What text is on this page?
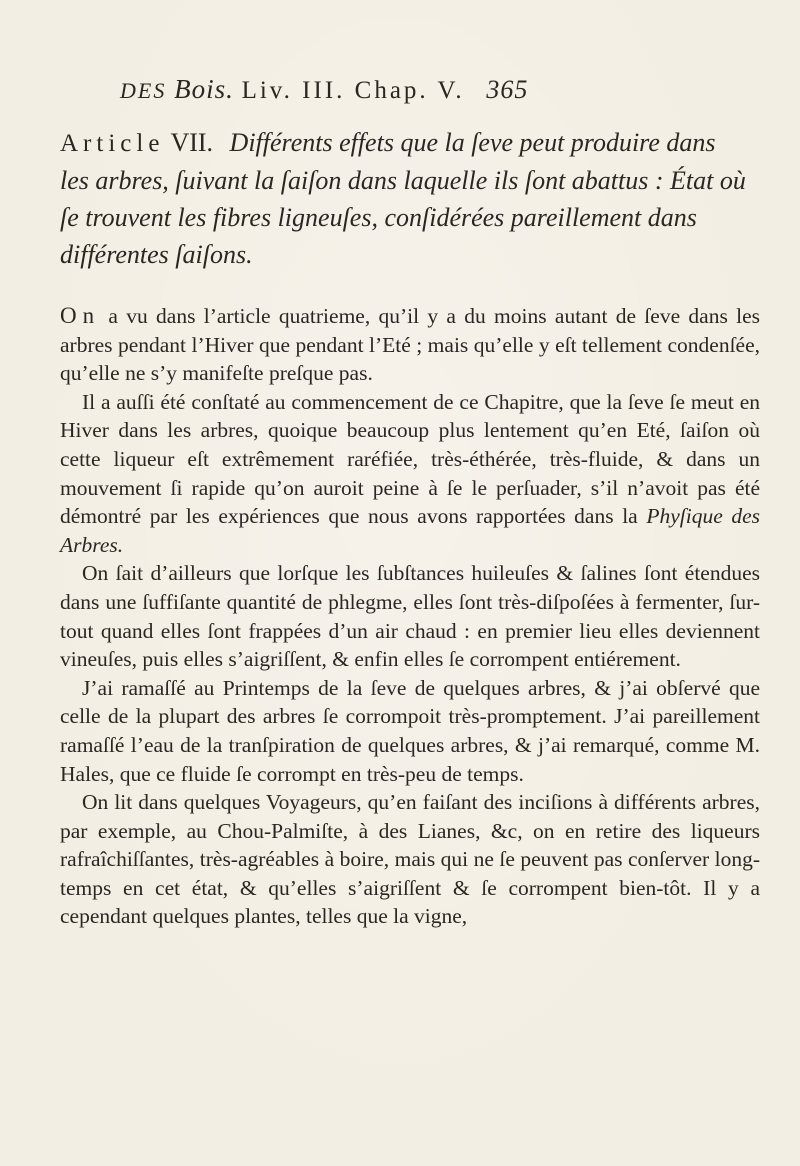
DES Bois. Liv. III. Chap. V. 365
Article VII. Différents effets que la ſeve peut produire dans les arbres, ſuivant la ſaiſon dans laquelle ils ſont abattus : État où ſe trouvent les fibres ligneuſes, conſidérées pareillement dans différentes ſaiſons.

On a vu dans l’article quatrieme, qu’il y a du moins autant de ſeve dans les arbres pendant l’Hiver que pendant l’Eté ; mais qu’elle y eſt tellement condenſée, qu’elle ne s’y manifeſte preſque pas.

Il a auſſi été conſtaté au commencement de ce Chapitre, que la ſeve ſe meut en Hiver dans les arbres, quoique beaucoup plus lentement qu’en Eté, ſaiſon où cette liqueur eſt extrêmement raréfiée, très-éthérée, très-fluide, & dans un mouvement ſi rapide qu’on auroit peine à ſe le perſuader, s’il n’avoit pas été démontré par les expériences que nous avons rapportées dans la Phyſique des Arbres.

On ſait d’ailleurs que lorſque les ſubſtances huileuſes & ſalines ſont étendues dans une ſuffiſante quantité de phlegme, elles ſont très-diſpoſées à fermenter, ſur-tout quand elles ſont frappées d’un air chaud : en premier lieu elles deviennent vineuſes, puis elles s’aigriſſent, & enfin elles ſe corrompent entiérement.

J’ai ramaſſé au Printemps de la ſeve de quelques arbres, & j’ai obſervé que celle de la plupart des arbres ſe corrompoit très-promptement. J’ai pareillement ramaſſé l’eau de la tranſpiration de quelques arbres, & j’ai remarqué, comme M. Hales, que ce fluide ſe corrompt en très-peu de temps.

On lit dans quelques Voyageurs, qu’en faiſant des inciſions à différents arbres, par exemple, au Chou-Palmiſte, à des Lianes, &c, on en retire des liqueurs rafraîchiſſantes, très-agréables à boire, mais qui ne ſe peuvent pas conſerver long-temps en cet état, & qu’elles s’aigriſſent & ſe corrompent bien-tôt. Il y a cependant quelques plantes, telles que la vigne,
